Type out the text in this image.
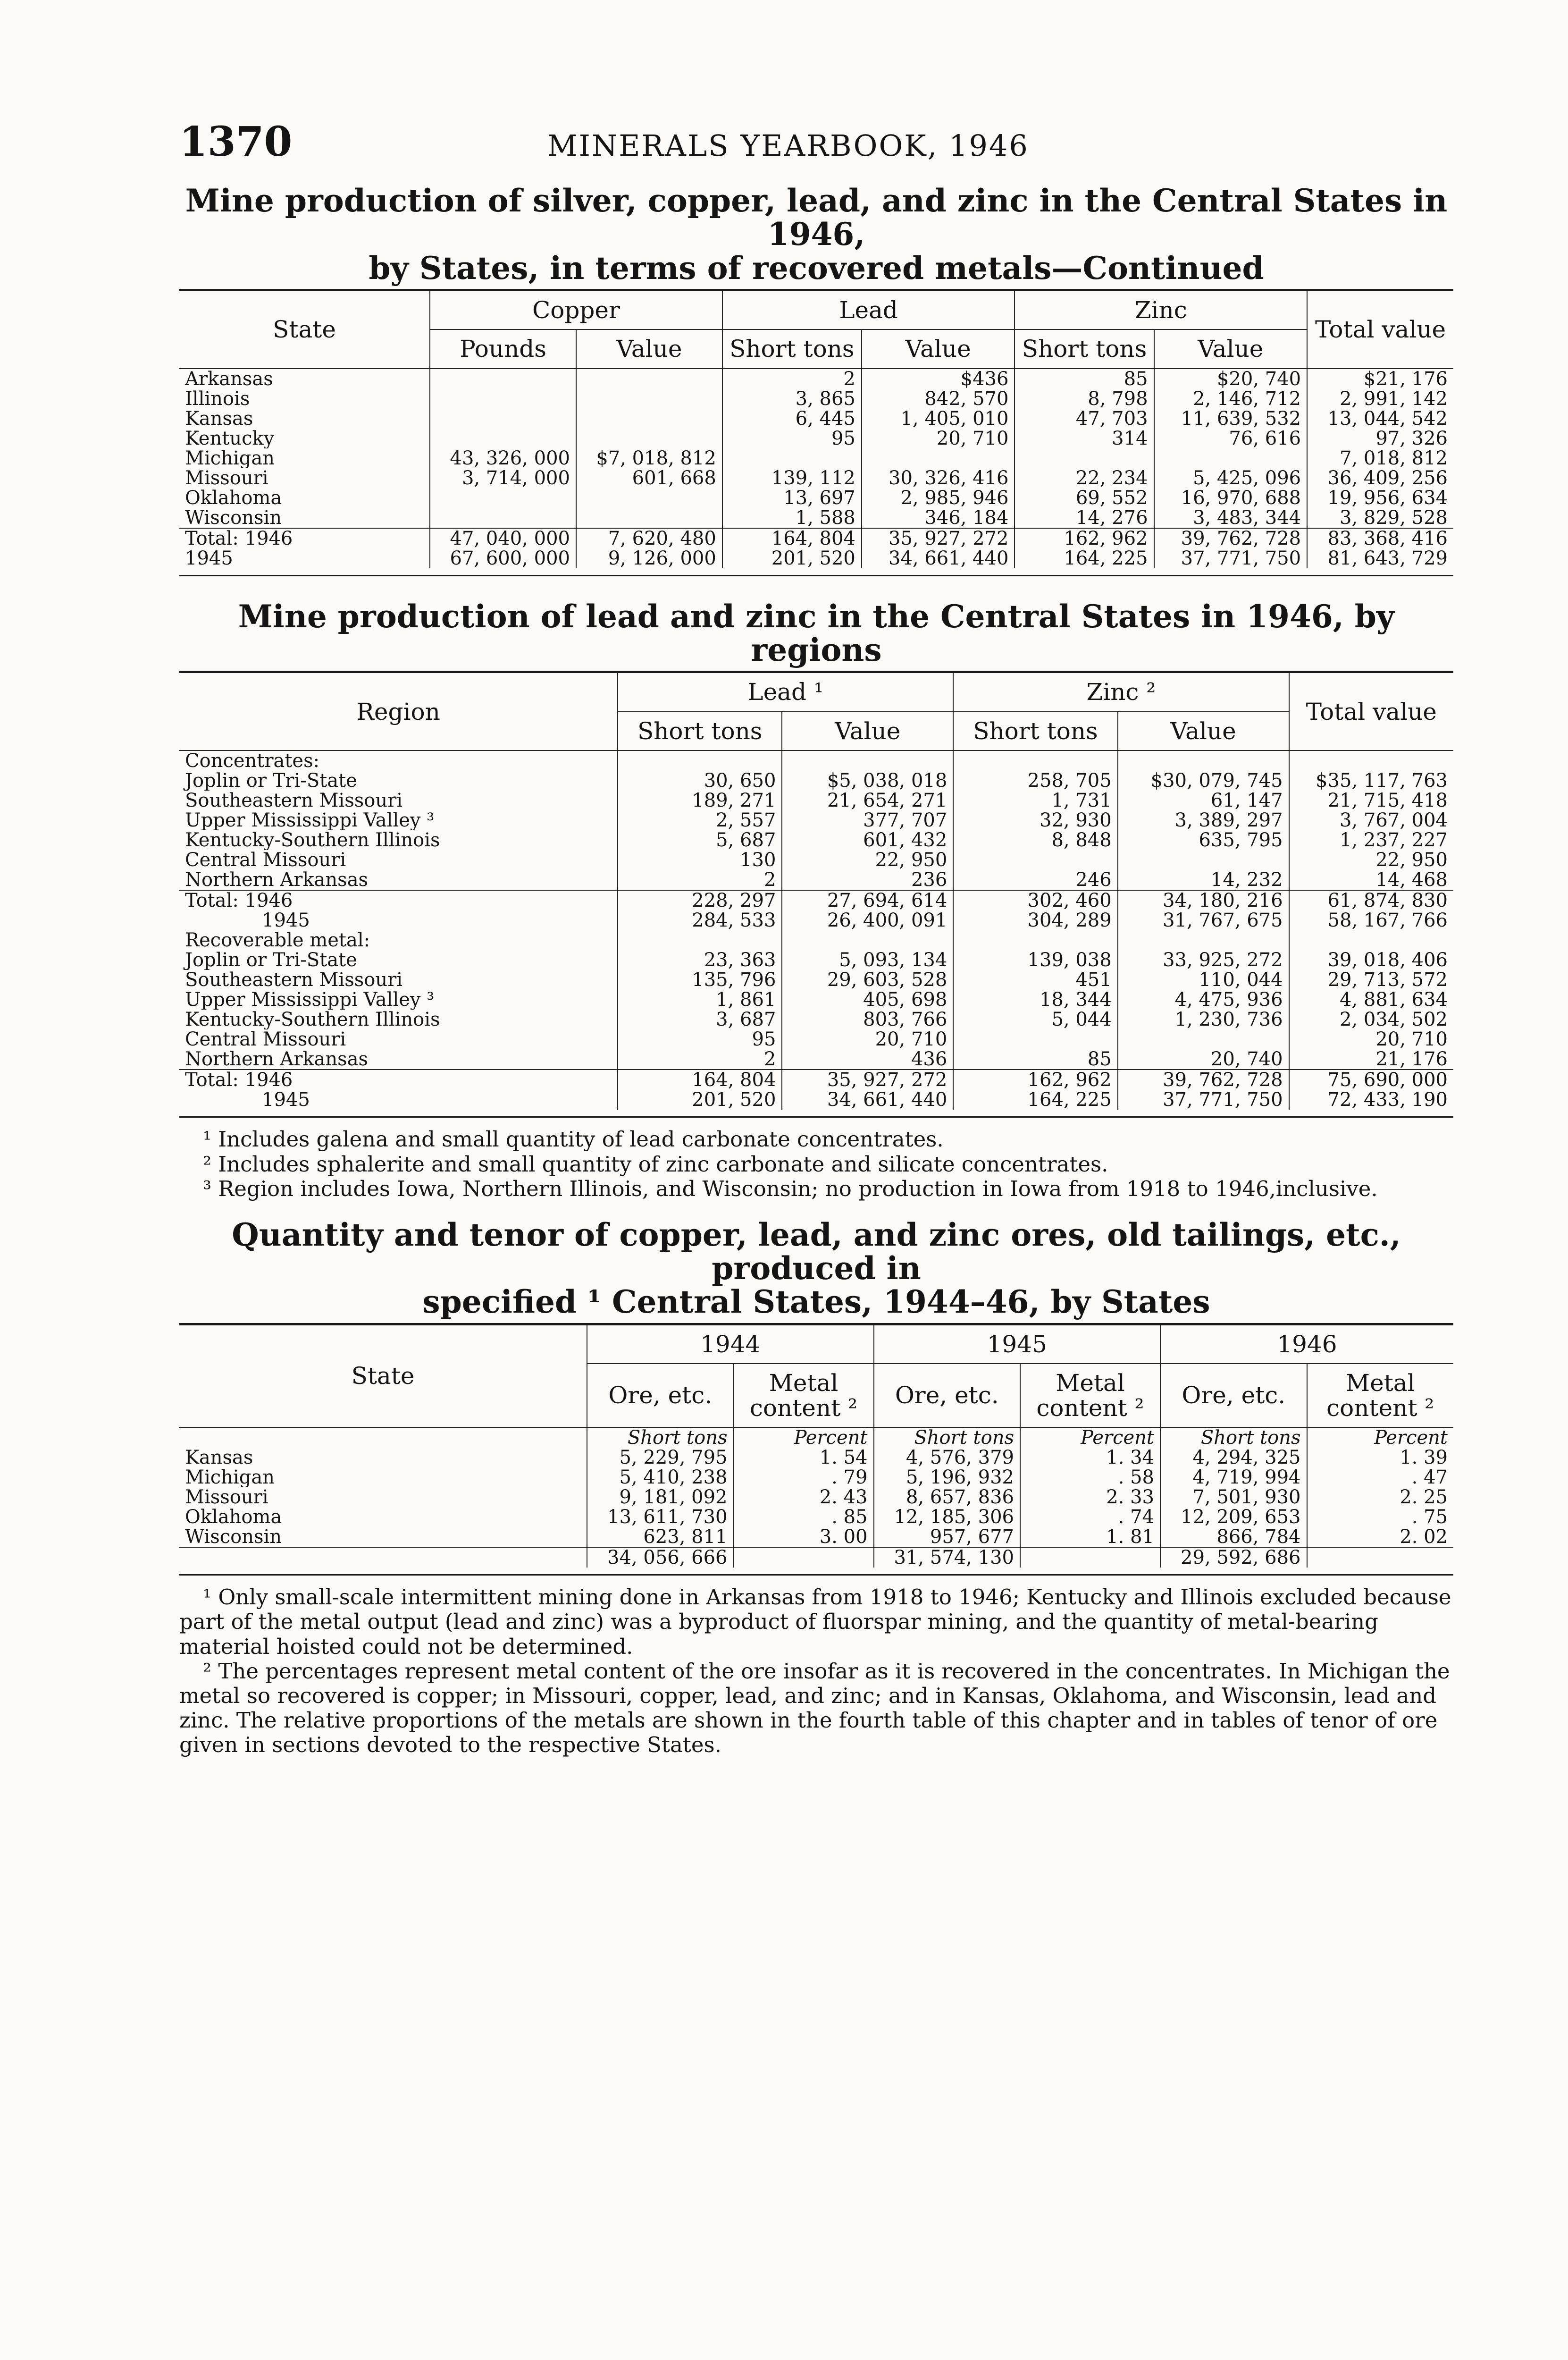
1370	MINERALS YEARBOOK, 1946
Mine production of silver, copper, lead, and zinc in the Central States in 1946,
by States, in terms of recovered metals—Continued
State	Copper		Lead		Zinc		Total value
	Pounds	Value	Short tons	Value	Short tons	Value	
Arkansas			2	$436	85	$20, 740	$21, 176
Illinois			3, 865	842, 570	8, 798	2, 146, 712	2, 991, 142
Kansas			6, 445	1, 405, 010	47, 703	11, 639, 532	13, 044, 542
Kentucky			95	20, 710	314	76, 616	97, 326
Michigan	43, 326, 000	$7, 018, 812					7, 018, 812
Missouri	3, 714, 000	601, 668	139, 112	30, 326, 416	22, 234	5, 425, 096	36, 409, 256
Oklahoma			13, 697	2, 985, 946	69, 552	16, 970, 688	19, 956, 634
Wisconsin			1, 588	346, 184	14, 276	3, 483, 344	3, 829, 528
Total: 1946	47, 040, 000	7, 620, 480	164, 804	35, 927, 272	162, 962	39, 762, 728	83, 368, 416
1945	67, 600, 000	9, 126, 000	201, 520	34, 661, 440	164, 225	37, 771, 750	81, 643, 729
Mine production of lead and zinc in the Central States in 1946, by regions
Region	Lead ¹		Zinc ²		Total value
	Short tons	Value	Short tons	Value	
Concentrates:					
Joplin or Tri-State	30, 650	$5, 038, 018	258, 705	$30, 079, 745	$35, 117, 763
Southeastern Missouri	189, 271	21, 654, 271	1, 731	61, 147	21, 715, 418
Upper Mississippi Valley ³	2, 557	377, 707	32, 930	3, 389, 297	3, 767, 004
Kentucky-Southern Illinois	5, 687	601, 432	8, 848	635, 795	1, 237, 227
Central Missouri	130	22, 950			22, 950
Northern Arkansas	2	236	246	14, 232	14, 468
Total: 1946	228, 297	27, 694, 614	302, 460	34, 180, 216	61, 874, 830
1945	284, 533	26, 400, 091	304, 289	31, 767, 675	58, 167, 766
Recoverable metal:					
Joplin or Tri-State	23, 363	5, 093, 134	139, 038	33, 925, 272	39, 018, 406
Southeastern Missouri	135, 796	29, 603, 528	451	110, 044	29, 713, 572
Upper Mississippi Valley ³	1, 861	405, 698	18, 344	4, 475, 936	4, 881, 634
Kentucky-Southern Illinois	3, 687	803, 766	5, 044	1, 230, 736	2, 034, 502
Central Missouri	95	20, 710			20, 710
Northern Arkansas	2	436	85	20, 740	21, 176
Total: 1946	164, 804	35, 927, 272	162, 962	39, 762, 728	75, 690, 000
1945	201, 520	34, 661, 440	164, 225	37, 771, 750	72, 433, 190

¹ Includes galena and small quantity of lead carbonate concentrates.

² Includes sphalerite and small quantity of zinc carbonate and silicate concentrates.

³ Region includes Iowa, Northern Illinois, and Wisconsin; no production in Iowa from 1918 to 1946,inclusive.

Quantity and tenor of copper, lead, and zinc ores, old tailings, etc., produced in
specified ¹ Central States, 1944–46, by States
State	1944		1945		1946	
	Ore, etc.	Metal content ²	Ore, etc.	Metal content ²	Ore, etc.	Metal content ²
	Short tons	Percent	Short tons	Percent	Short tons	Percent
Kansas	5, 229, 795	1. 54	4, 576, 379	1. 34	4, 294, 325	1. 39
Michigan	5, 410, 238	. 79	5, 196, 932	. 58	4, 719, 994	. 47
Missouri	9, 181, 092	2. 43	8, 657, 836	2. 33	7, 501, 930	2. 25
Oklahoma	13, 611, 730	. 85	12, 185, 306	. 74	12, 209, 653	. 75
Wisconsin	623, 811	3. 00	957, 677	1. 81	866, 784	2. 02
	34, 056, 666		31, 574, 130		29, 592, 686	

¹ Only small-scale intermittent mining done in Arkansas from 1918 to 1946; Kentucky and Illinois excluded because part of the metal output (lead and zinc) was a byproduct of fluorspar mining, and the quantity of metal-bearing material hoisted could not be determined.

² The percentages represent metal content of the ore insofar as it is recovered in the concentrates. In Michigan the metal so recovered is copper; in Missouri, copper, lead, and zinc; and in Kansas, Oklahoma, and Wisconsin, lead and zinc. The relative proportions of the metals are shown in the fourth table of this chapter and in tables of tenor of ore given in sections devoted to the respective States.
